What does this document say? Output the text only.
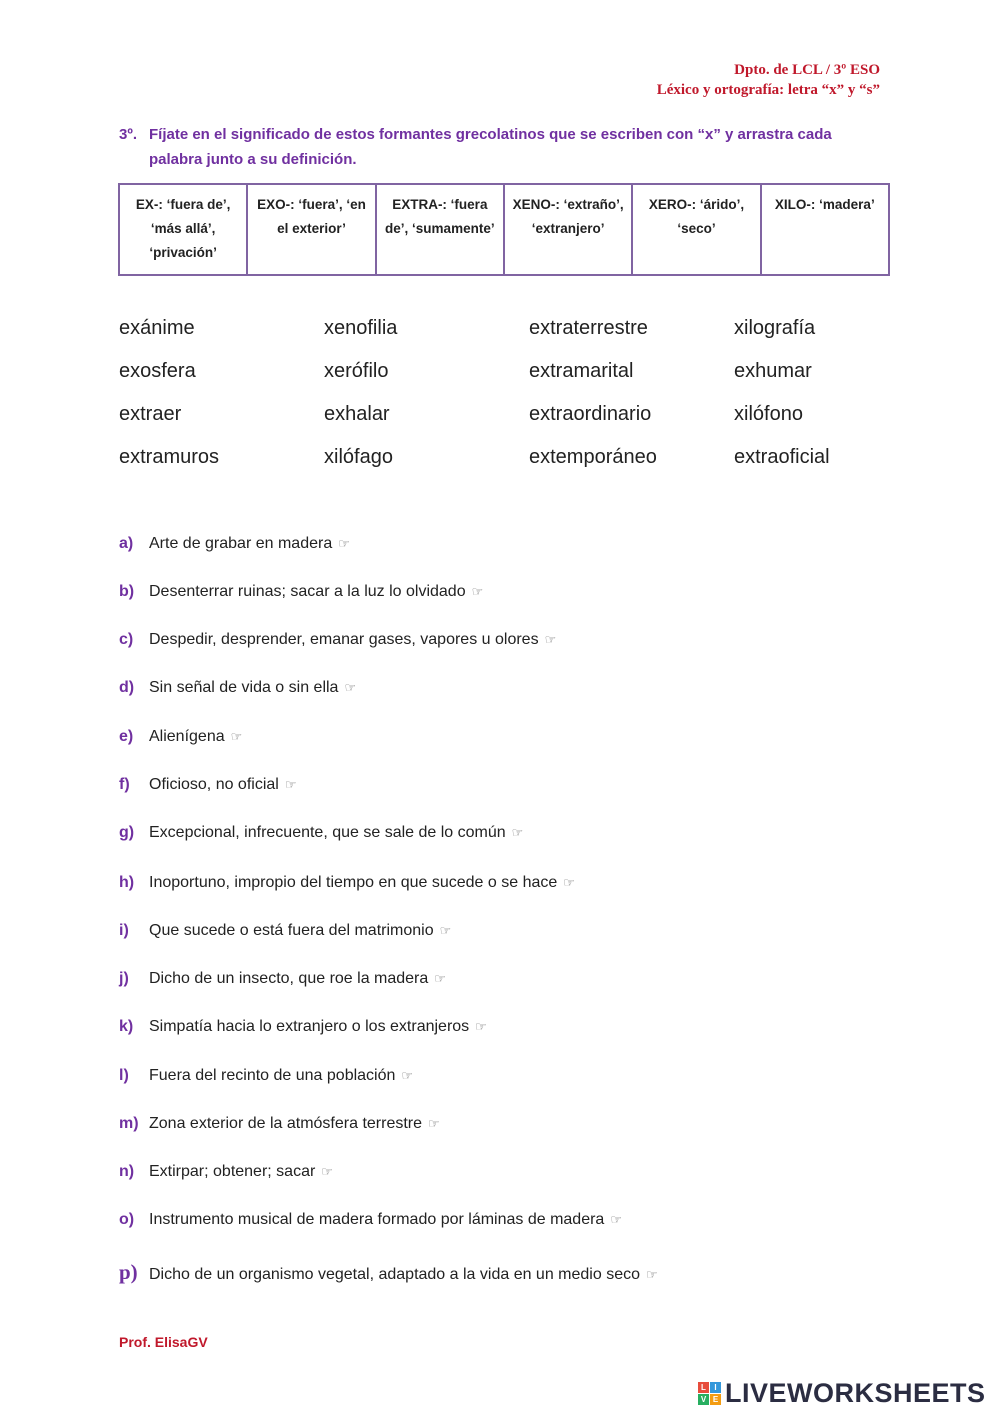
Dpto. de LCL / 3º ESO
Léxico y ortografía: letra “x” y “s”
3º. Fíjate en el significado de estos formantes grecolatinos que se escriben con “x” y arrastra cada palabra junto a su definición.
EX-: ‘fuera de’, ‘más allá’, ‘privación’	EXO-: ‘fuera’, ‘en el exterior’	EXTRA-: ‘fuera de’, ‘sumamente’	XENO-: ‘extraño’, ‘extranjero’	XERO-: ‘árido’, ‘seco’	XILO-: ‘madera’
exánime	xenofilia	extraterrestre	xilografía
exosfera	xerófilo	extramarital	exhumar
extraer	exhalar	extraordinario	xilófono
extramuros	xilófago	extemporáneo	extraoficial
a) Arte de grabar en madera ☞
b) Desenterrar ruinas; sacar a la luz lo olvidado ☞
c) Despedir, desprender, emanar gases, vapores u olores ☞
d) Sin señal de vida o sin ella ☞
e) Alienígena ☞
f) Oficioso, no oficial ☞
g) Excepcional, infrecuente, que se sale de lo común ☞
h) Inoportuno, impropio del tiempo en que sucede o se hace ☞
i) Que sucede o está fuera del matrimonio ☞
j) Dicho de un insecto, que roe la madera ☞
k) Simpatía hacia lo extranjero o los extranjeros ☞
l) Fuera del recinto de una población ☞
m) Zona exterior de la atmósfera terrestre ☞
n) Extirpar; obtener; sacar ☞
o) Instrumento musical de madera formado por láminas de madera ☞
p) Dicho de un organismo vegetal, adaptado a la vida en un medio seco ☞
Prof. ElisaGV
L	I
V E LIVEWORKSHEETS
